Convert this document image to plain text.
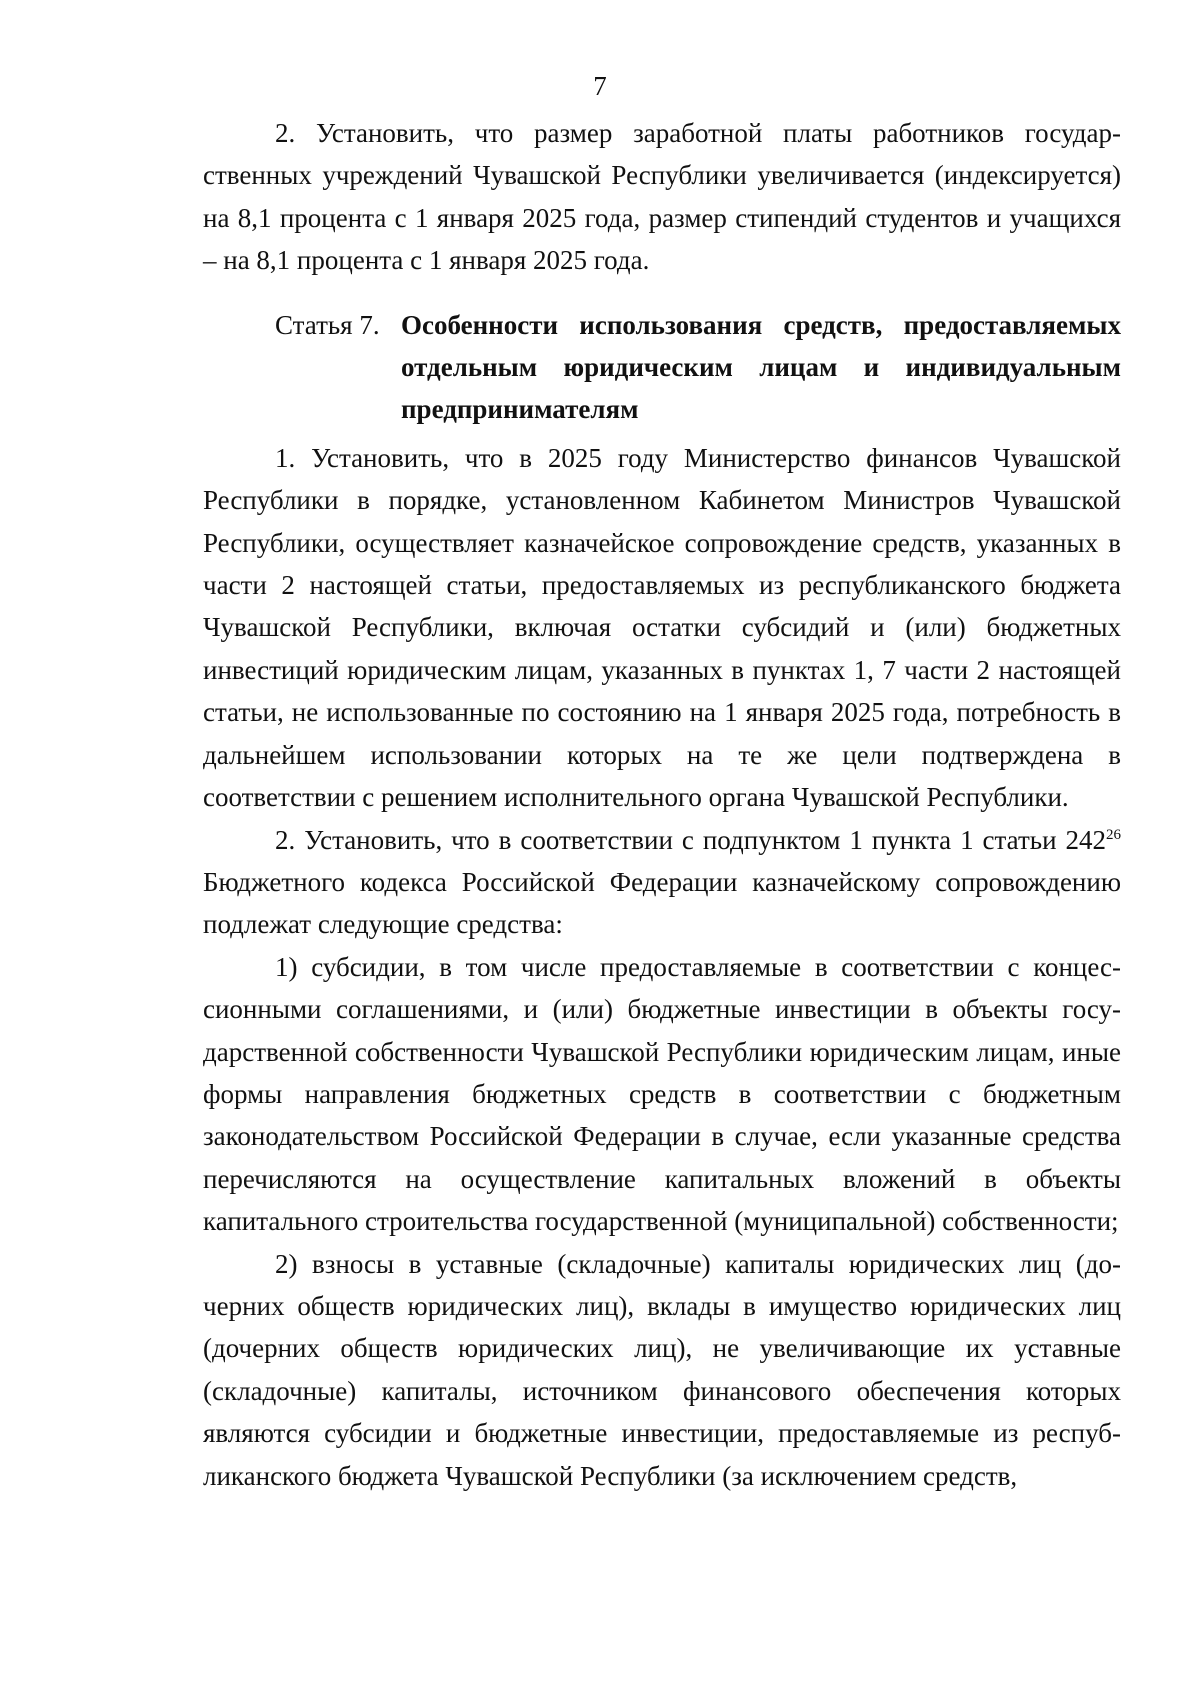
7

2. Установить, что размер заработной платы работников государственных учреждений Чувашской Республики увеличивается (индексируется) на 8,1 процента с 1 января 2025 года, размер стипендий студентов и учащихся – на 8,1 процента с 1 января 2025 года.

Статья 7. Особенности использования средств, предоставляемых отдельным юридическим лицам и индивидуальным предпринимателям

1. Установить, что в 2025 году Министерство финансов Чувашской Республики в порядке, установленном Кабинетом Министров Чувашской Республики, осуществляет казначейское сопровождение средств, указанных в части 2 настоящей статьи, предоставляемых из республиканского бюджета Чувашской Республики, включая остатки субсидий и (или) бюджетных инвестиций юридическим лицам, указанных в пунктах 1, 7 части 2 настоящей статьи, не использованные по состоянию на 1 января 2025 года, потребность в дальнейшем использовании которых на те же цели подтверждена в соответствии с решением исполнительного органа Чувашской Республики.

2. Установить, что в соответствии с подпунктом 1 пункта 1 статьи $242^{26}$ Бюджетного кодекса Российской Федерации казначейскому сопровождению подлежат следующие средства:

1) субсидии, в том числе предоставляемые в соответствии с концессионными соглашениями, и (или) бюджетные инвестиции в объекты государственной собственности Чувашской Республики юридическим лицам, иные формы направления бюджетных средств в соответствии с бюджетным законодательством Российской Федерации в случае, если указанные средства перечисляются на осуществление капитальных вложений в объекты капитального строительства государственной (муниципальной) собственности;

2) взносы в уставные (складочные) капиталы юридических лиц (дочерних обществ юридических лиц), вклады в имущество юридических лиц (дочерних обществ юридических лиц), не увеличивающие их уставные (складочные) капиталы, источником финансового обеспечения которых являются субсидии и бюджетные инвестиции, предоставляемые из республиканского бюджета Чувашской Республики (за исключением средств,
